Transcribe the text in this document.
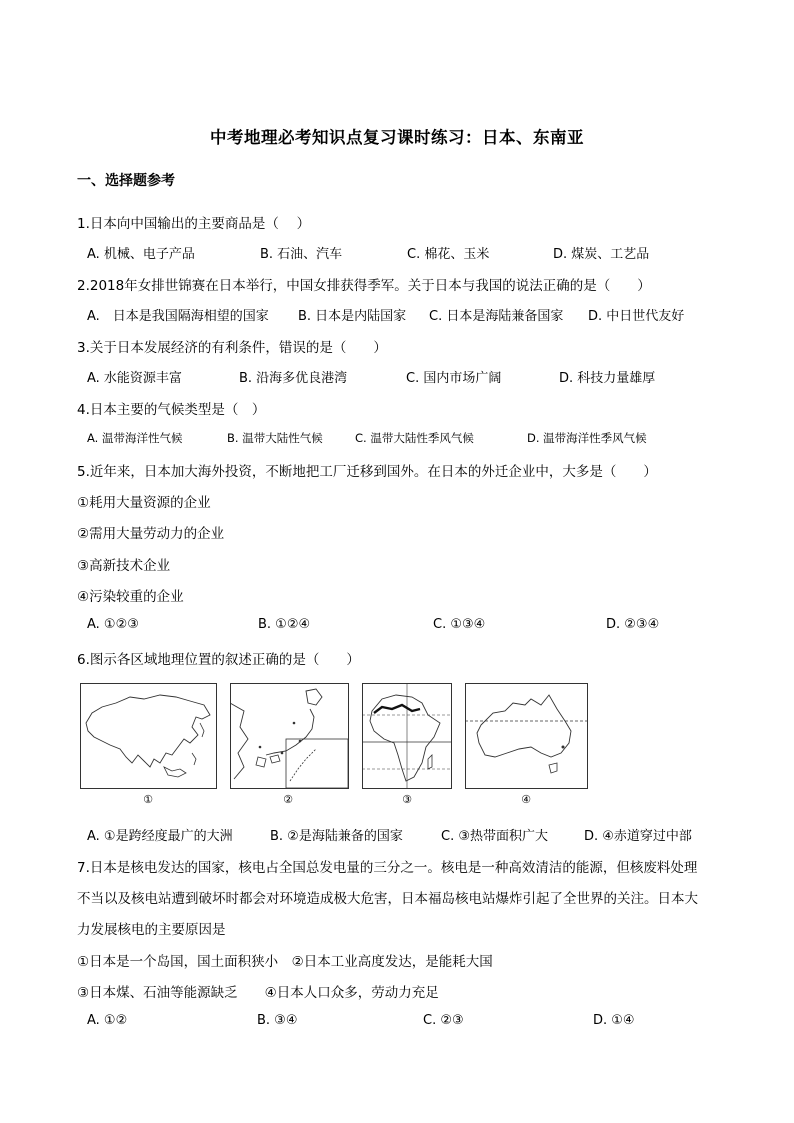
中考地理必考知识点复习课时练习：日本、东南亚
一、选择题参考
1.日本向中国输出的主要商品是（　 ）
A. 机械、电子产品	B. 石油、汽车	C. 棉花、玉米	D. 煤炭、工艺品
2.2018年女排世锦赛在日本举行，中国女排获得季军。关于日本与我国的说法正确的是（　　）
A.　日本是我国隔海相望的国家 B. 日本是内陆国家 C. 日本是海陆兼备国家 D. 中日世代友好
3.关于日本发展经济的有利条件，错误的是（　　）
A. 水能资源丰富	B. 沿海多优良港湾	C. 国内市场广阔	D. 科技力量雄厚
4.日本主要的气候类型是（　）
A. 温带海洋性气候	B. 温带大陆性气候	C. 温带大陆性季风气候	D. 温带海洋性季风气候
5.近年来，日本加大海外投资，不断地把工厂迁移到国外。在日本的外迁企业中，大多是（　　）
①耗用大量资源的企业
②需用大量劳动力的企业
③高新技术企业
④污染较重的企业
A. ①②③	B. ①②④	C. ①③④	D. ②③④
6.图示各区域地理位置的叙述正确的是（　　）
①	②	③	④
A. ①是跨经度最广的大洲	B. ②是海陆兼备的国家	C. ③热带面积广大	D. ④赤道穿过中部
7.日本是核电发达的国家，核电占全国总发电量的三分之一。核电是一种高效清洁的能源，但核废料处理
不当以及核电站遭到破坏时都会对环境造成极大危害，日本福岛核电站爆炸引起了全世界的关注。日本大
力发展核电的主要原因是
①日本是一个岛国，国土面积狭小　②日本工业高度发达，是能耗大国
③日本煤、石油等能源缺乏　　④日本人口众多，劳动力充足
A. ①②	B. ③④	C. ②③	D. ①④
